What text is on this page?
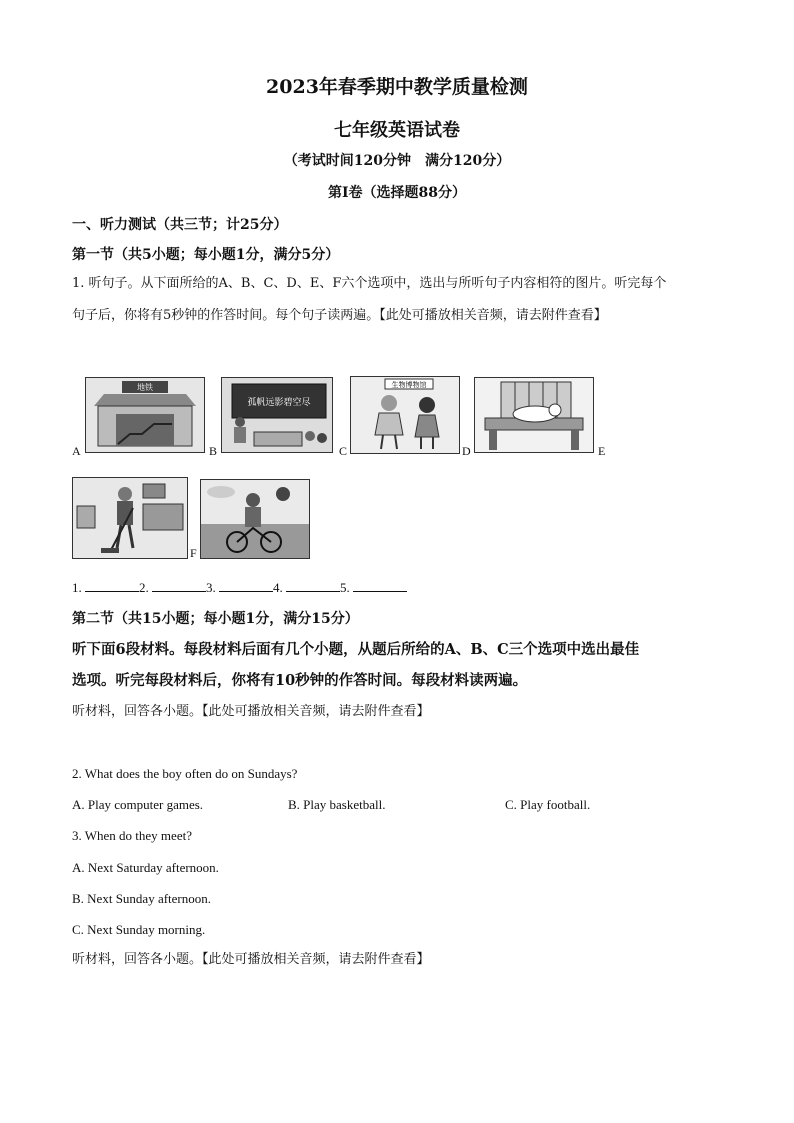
2023年春季期中教学质量检测
七年级英语试卷
（考试时间120分钟　满分120分）
第Ⅰ卷（选择题88分）
一、听力测试（共三节；计25分）
第一节（共5小题；每小题1分，满分5分）
1. 听句子。从下面所给的A、B、C、D、E、F六个选项中，选出与所听句子内容相符的图片。听完每个
句子后，你将有5秒钟的作答时间。每个句子读两遍。【此处可播放相关音频，请去附件查看】
地铁
A
孤帆远影碧空尽
B
生物博物馆
C	D	E
F
1.	2.	3.	4.	5.
第二节（共15小题；每小题1分，满分15分）
听下面6段材料。每段材料后面有几个小题，从题后所给的A、B、C三个选项中选出最佳
选项。听完每段材料后，你将有10秒钟的作答时间。每段材料读两遍。
听材料，回答各小题。【此处可播放相关音频，请去附件查看】
2. What does the boy often do on Sundays?
A. Play computer games.	B. Play basketball.	C. Play football.
3. When do they meet?
A. Next Saturday afternoon.
B. Next Sunday afternoon.
C. Next Sunday morning.
听材料，回答各小题。【此处可播放相关音频，请去附件查看】
